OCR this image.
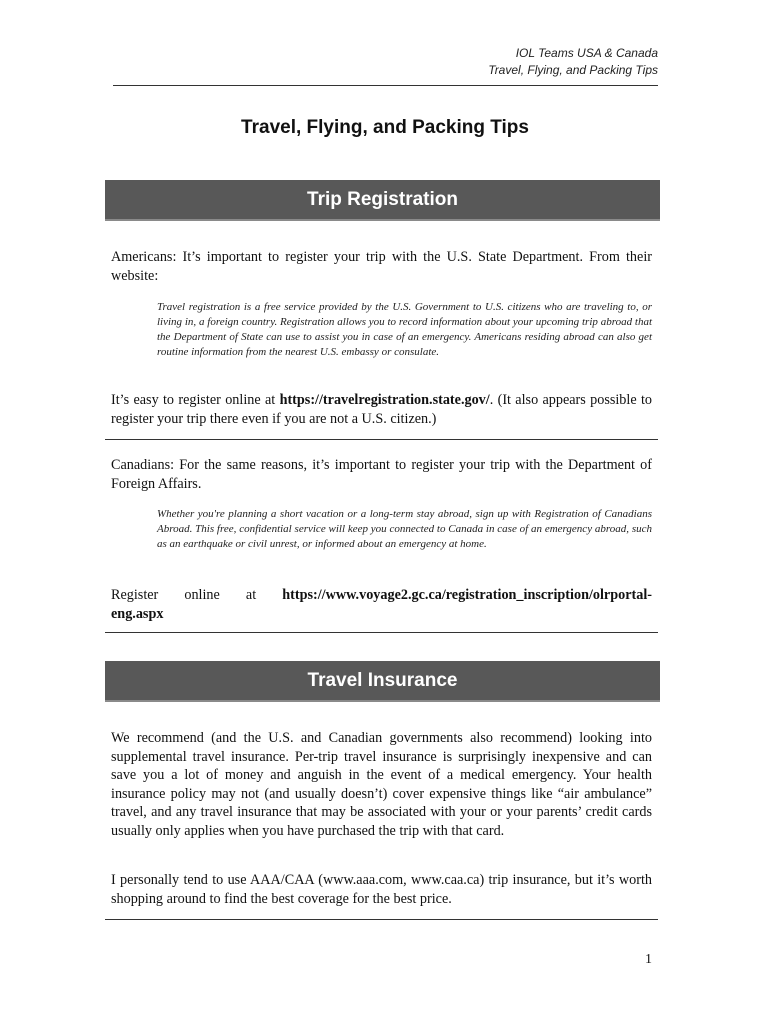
IOL Teams USA & Canada
Travel, Flying, and Packing Tips
Travel, Flying, and Packing Tips
Trip Registration
Americans: It’s important to register your trip with the U.S. State Department. From their website:
Travel registration is a free service provided by the U.S. Government to U.S. citizens who are traveling to, or living in, a foreign country. Registration allows you to record information about your upcoming trip abroad that the Department of State can use to assist you in case of an emergency. Americans residing abroad can also get routine information from the nearest U.S. embassy or consulate.
It’s easy to register online at https://travelregistration.state.gov/. (It also appears possible to register your trip there even if you are not a U.S. citizen.)
Canadians: For the same reasons, it’s important to register your trip with the Department of Foreign Affairs.
Whether you're planning a short vacation or a long-term stay abroad, sign up with Registration of Canadians Abroad. This free, confidential service will keep you connected to Canada in case of an emergency abroad, such as an earthquake or civil unrest, or informed about an emergency at home.
Register online at https://www.voyage2.gc.ca/registration_inscription/olrportal-
eng.aspx
Travel Insurance
We recommend (and the U.S. and Canadian governments also recommend) looking into supplemental travel insurance. Per-trip travel insurance is surprisingly inexpensive and can save you a lot of money and anguish in the event of a medical emergency. Your health insurance policy may not (and usually doesn’t) cover expensive things like “air ambulance” travel, and any travel insurance that may be associated with your or your parents’ credit cards usually only applies when you have purchased the trip with that card.
I personally tend to use AAA/CAA (www.aaa.com, www.caa.ca) trip insurance, but it’s worth shopping around to find the best coverage for the best price.
1
